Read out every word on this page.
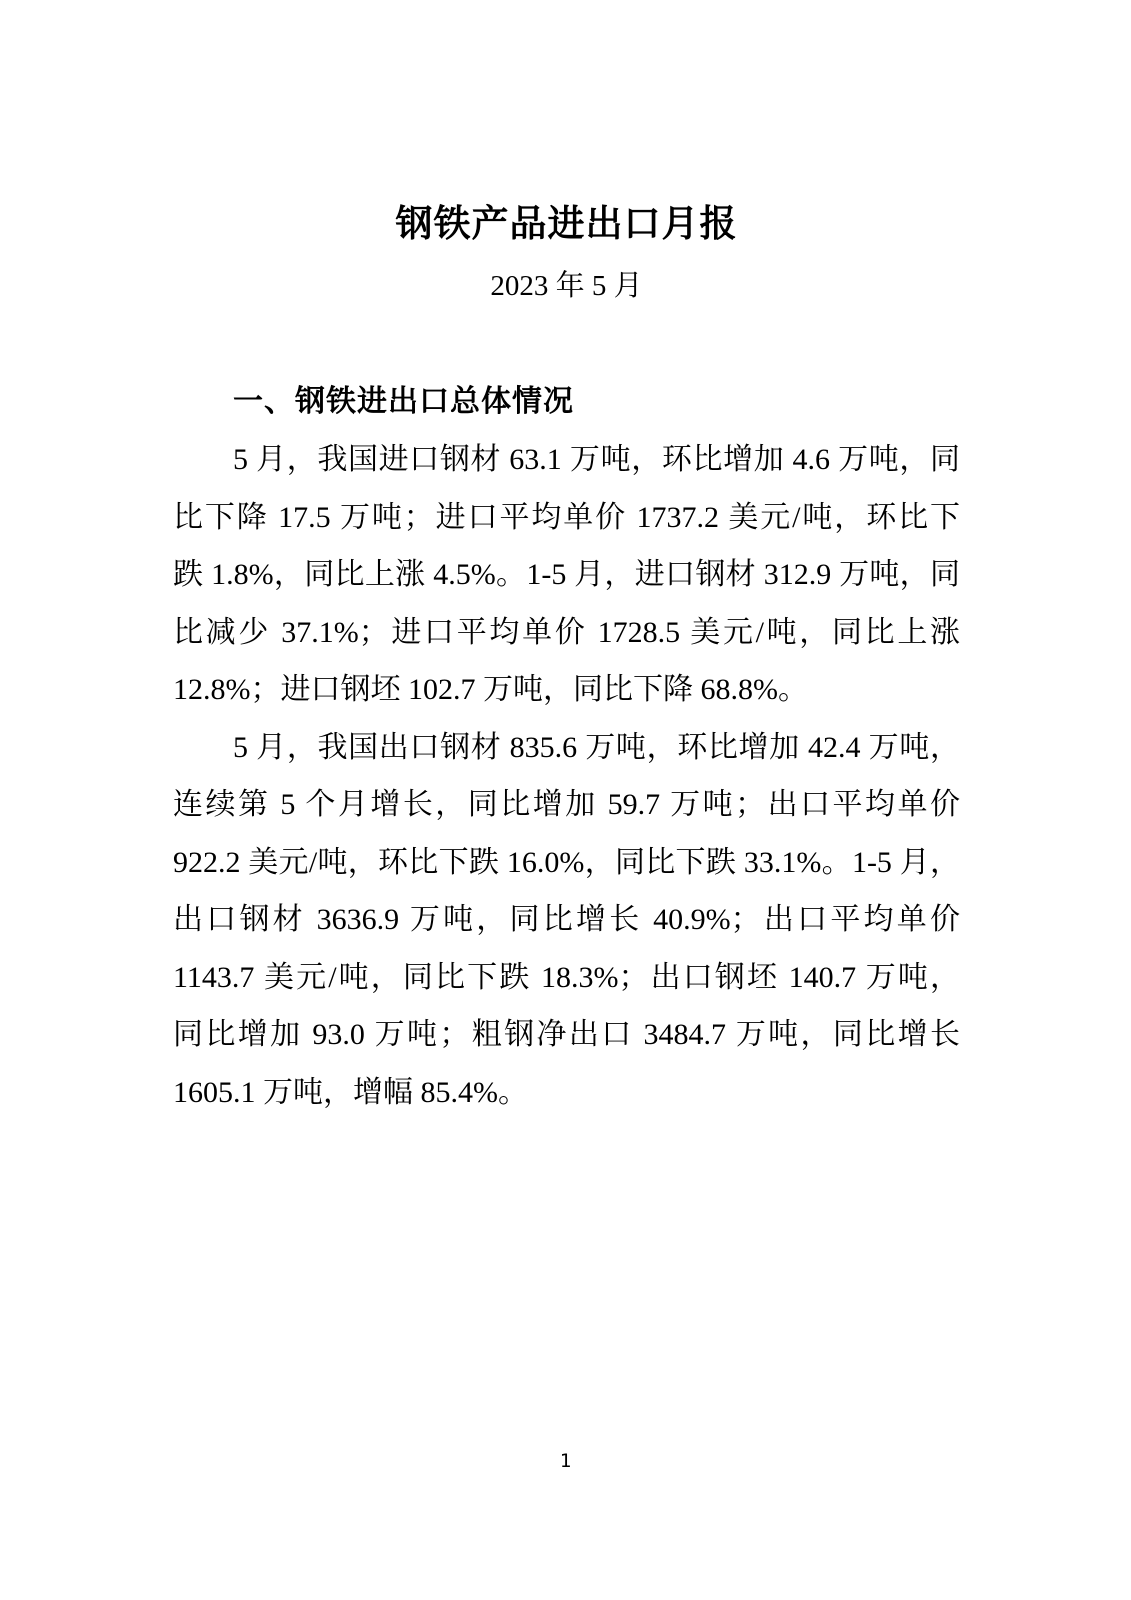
钢铁产品进出口月报
2023 年 5 月
一、钢铁进出口总体情况

5 月，我国进口钢材 63.1 万吨，环比增加 4.6 万吨，同
比下降 17.5 万吨；进口平均单价 1737.2 美元/吨，环比下
跌 1.8%，同比上涨 4.5%。1-5 月，进口钢材 312.9 万吨，同
比减少 37.1%；进口平均单价 1728.5 美元/吨，同比上涨
12.8%；进口钢坯 102.7 万吨，同比下降 68.8%。

5 月，我国出口钢材 835.6 万吨，环比增加 42.4 万吨，
连续第 5 个月增长，同比增加 59.7 万吨；出口平均单价
922.2 美元/吨，环比下跌 16.0%，同比下跌 33.1%。1-5 月，
出口钢材 3636.9 万吨，同比增长 40.9%；出口平均单价
1143.7 美元/吨，同比下跌 18.3%；出口钢坯 140.7 万吨，
同比增加 93.0 万吨；粗钢净出口 3484.7 万吨，同比增长
1605.1 万吨，增幅 85.4%。

1
